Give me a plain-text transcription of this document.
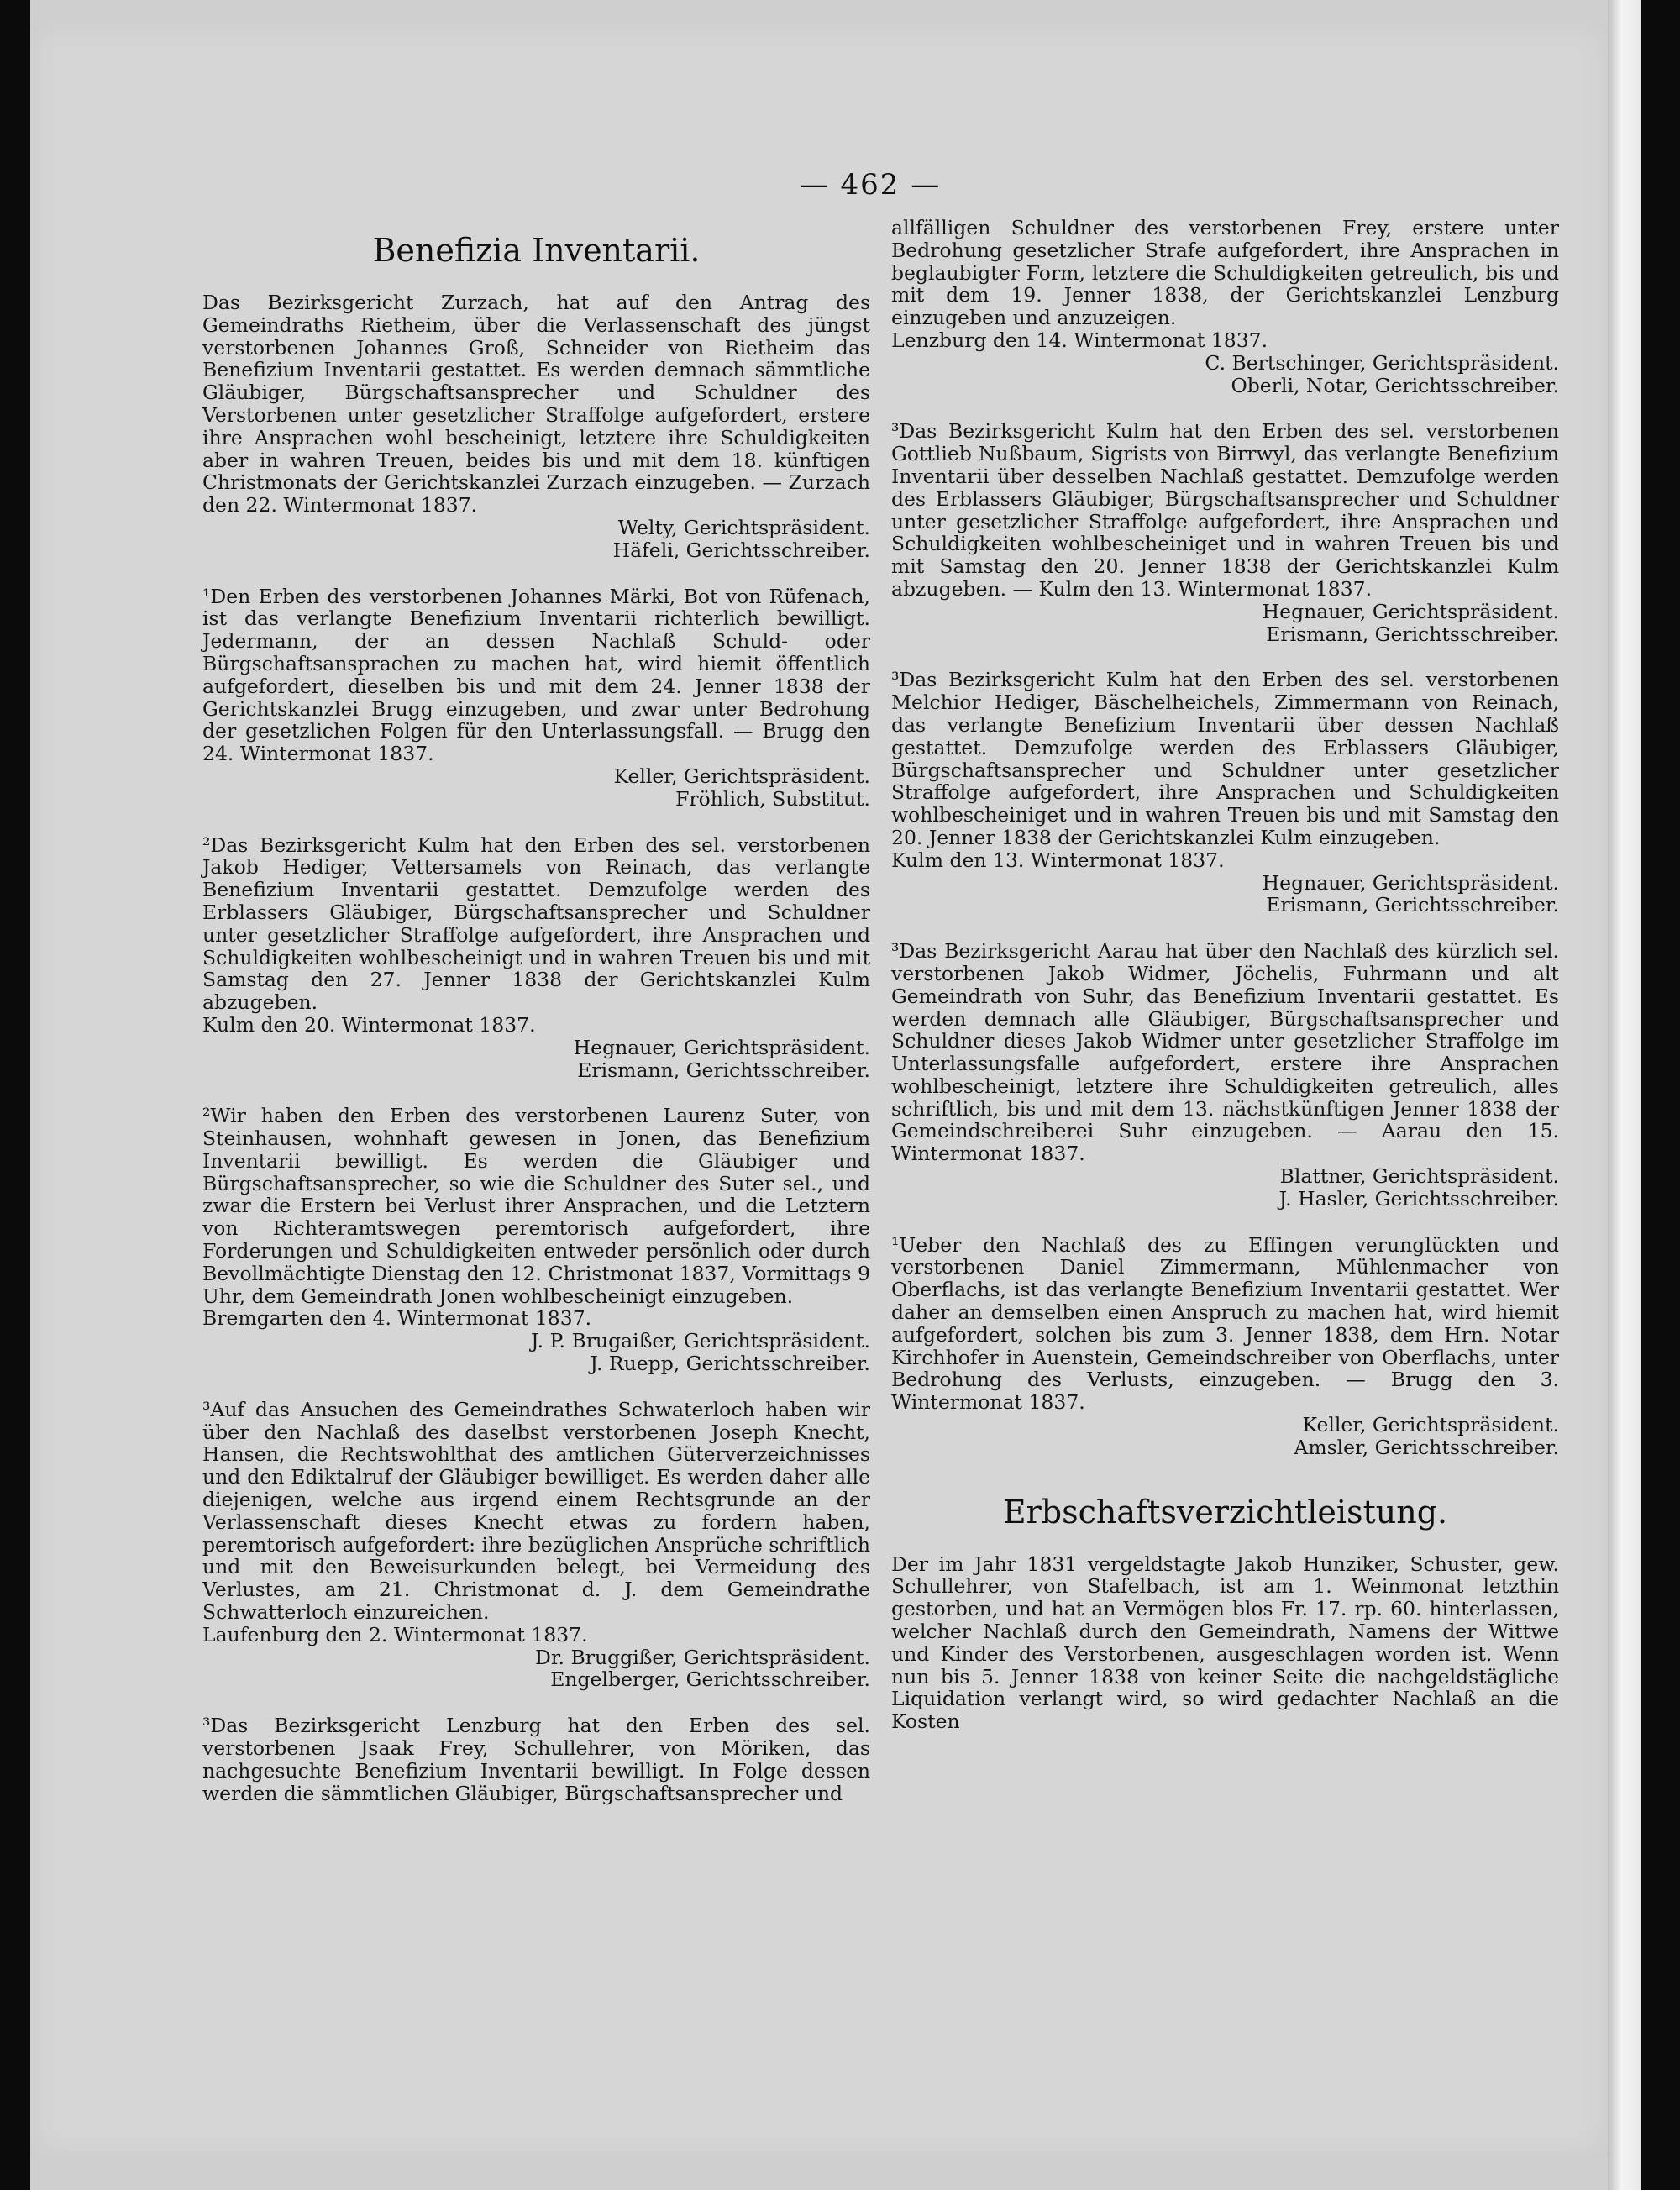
— 462 —
Benefizia Inventarii.

Das Bezirksgericht Zurzach, hat auf den Antrag des Gemeindraths Rietheim, über die Verlassenschaft des jüngst verstorbenen Johannes Groß, Schneider von Rietheim das Benefizium Inventarii gestattet. Es werden demnach sämmtliche Gläubiger, Bürgschaftsansprecher und Schuldner des Verstorbenen unter gesetzlicher Straffolge aufgefordert, erstere ihre Ansprachen wohl bescheinigt, letztere ihre Schuldigkeiten aber in wahren Treuen, beides bis und mit dem 18. künftigen Christmonats der Gerichtskanzlei Zurzach einzugeben. — Zurzach den 22. Wintermonat 1837.

Welty, Gerichtspräsident.

Häfeli, Gerichtsschreiber.

¹Den Erben des verstorbenen Johannes Märki, Bot von Rüfenach, ist das verlangte Benefizium Inventarii richterlich bewilligt. Jedermann, der an dessen Nachlaß Schuld- oder Bürgschaftsansprachen zu machen hat, wird hiemit öffentlich aufgefordert, dieselben bis und mit dem 24. Jenner 1838 der Gerichtskanzlei Brugg einzugeben, und zwar unter Bedrohung der gesetzlichen Folgen für den Unterlassungsfall. — Brugg den 24. Wintermonat 1837.

Keller, Gerichtspräsident.

Fröhlich, Substitut.

²Das Bezirksgericht Kulm hat den Erben des sel. verstorbenen Jakob Hediger, Vettersamels von Reinach, das verlangte Benefizium Inventarii gestattet. Demzufolge werden des Erblassers Gläubiger, Bürgschaftsansprecher und Schuldner unter gesetzlicher Straffolge aufgefordert, ihre Ansprachen und Schuldigkeiten wohlbescheinigt und in wahren Treuen bis und mit Samstag den 27. Jenner 1838 der Gerichtskanzlei Kulm abzugeben.

Kulm den 20. Wintermonat 1837.

Hegnauer, Gerichtspräsident.

Erismann, Gerichtsschreiber.

²Wir haben den Erben des verstorbenen Laurenz Suter, von Steinhausen, wohnhaft gewesen in Jonen, das Benefizium Inventarii bewilligt. Es werden die Gläubiger und Bürgschaftsansprecher, so wie die Schuldner des Suter sel., und zwar die Erstern bei Verlust ihrer Ansprachen, und die Letztern von Richteramtswegen peremtorisch aufgefordert, ihre Forderungen und Schuldigkeiten entweder persönlich oder durch Bevollmächtigte Dienstag den 12. Christmonat 1837, Vormittags 9 Uhr, dem Gemeindrath Jonen wohlbescheinigt einzugeben.

Bremgarten den 4. Wintermonat 1837.

J. P. Brugaißer, Gerichtspräsident.

J. Ruepp, Gerichtsschreiber.

³Auf das Ansuchen des Gemeindrathes Schwaterloch haben wir über den Nachlaß des daselbst verstorbenen Joseph Knecht, Hansen, die Rechtswohlthat des amtlichen Güterverzeichnisses und den Ediktalruf der Gläubiger bewilliget. Es werden daher alle diejenigen, welche aus irgend einem Rechtsgrunde an der Verlassenschaft dieses Knecht etwas zu fordern haben, peremtorisch aufgefordert: ihre bezüglichen Ansprüche schriftlich und mit den Beweisurkunden belegt, bei Vermeidung des Verlustes, am 21. Christmonat d. J. dem Gemeindrathe Schwatterloch einzureichen.

Laufenburg den 2. Wintermonat 1837.

Dr. Bruggißer, Gerichtspräsident.

Engelberger, Gerichtsschreiber.

³Das Bezirksgericht Lenzburg hat den Erben des sel. verstorbenen Jsaak Frey, Schullehrer, von Möriken, das nachgesuchte Benefizium Inventarii bewilligt. In Folge dessen werden die sämmtlichen Gläubiger, Bürgschaftsansprecher und

allfälligen Schuldner des verstorbenen Frey, erstere unter Bedrohung gesetzlicher Strafe aufgefordert, ihre Ansprachen in beglaubigter Form, letztere die Schuldigkeiten getreulich, bis und mit dem 19. Jenner 1838, der Gerichtskanzlei Lenzburg einzugeben und anzuzeigen.

Lenzburg den 14. Wintermonat 1837.

C. Bertschinger, Gerichtspräsident.

Oberli, Notar, Gerichtsschreiber.

³Das Bezirksgericht Kulm hat den Erben des sel. verstorbenen Gottlieb Nußbaum, Sigrists von Birrwyl, das verlangte Benefizium Inventarii über desselben Nachlaß gestattet. Demzufolge werden des Erblassers Gläubiger, Bürgschaftsansprecher und Schuldner unter gesetzlicher Straffolge aufgefordert, ihre Ansprachen und Schuldigkeiten wohlbescheiniget und in wahren Treuen bis und mit Samstag den 20. Jenner 1838 der Gerichtskanzlei Kulm abzugeben. — Kulm den 13. Wintermonat 1837.

Hegnauer, Gerichtspräsident.

Erismann, Gerichtsschreiber.

³Das Bezirksgericht Kulm hat den Erben des sel. verstorbenen Melchior Hediger, Bäschelheichels, Zimmermann von Reinach, das verlangte Benefizium Inventarii über dessen Nachlaß gestattet. Demzufolge werden des Erblassers Gläubiger, Bürgschaftsansprecher und Schuldner unter gesetzlicher Straffolge aufgefordert, ihre Ansprachen und Schuldigkeiten wohlbescheiniget und in wahren Treuen bis und mit Samstag den 20. Jenner 1838 der Gerichtskanzlei Kulm einzugeben.

Kulm den 13. Wintermonat 1837.

Hegnauer, Gerichtspräsident.

Erismann, Gerichtsschreiber.

³Das Bezirksgericht Aarau hat über den Nachlaß des kürzlich sel. verstorbenen Jakob Widmer, Jöchelis, Fuhrmann und alt Gemeindrath von Suhr, das Benefizium Inventarii gestattet. Es werden demnach alle Gläubiger, Bürgschaftsansprecher und Schuldner dieses Jakob Widmer unter gesetzlicher Straffolge im Unterlassungsfalle aufgefordert, erstere ihre Ansprachen wohlbescheinigt, letztere ihre Schuldigkeiten getreulich, alles schriftlich, bis und mit dem 13. nächstkünftigen Jenner 1838 der Gemeindschreiberei Suhr einzugeben. — Aarau den 15. Wintermonat 1837.

Blattner, Gerichtspräsident.

J. Hasler, Gerichtsschreiber.

¹Ueber den Nachlaß des zu Effingen verunglückten und verstorbenen Daniel Zimmermann, Mühlenmacher von Oberflachs, ist das verlangte Benefizium Inventarii gestattet. Wer daher an demselben einen Anspruch zu machen hat, wird hiemit aufgefordert, solchen bis zum 3. Jenner 1838, dem Hrn. Notar Kirchhofer in Auenstein, Gemeindschreiber von Oberflachs, unter Bedrohung des Verlusts, einzugeben. — Brugg den 3. Wintermonat 1837.

Keller, Gerichtspräsident.

Amsler, Gerichtsschreiber.

Erbschaftsverzichtleistung.

Der im Jahr 1831 vergeldstagte Jakob Hunziker, Schuster, gew. Schullehrer, von Stafelbach, ist am 1. Weinmonat letzthin gestorben, und hat an Vermögen blos Fr. 17. rp. 60. hinterlassen, welcher Nachlaß durch den Gemeindrath, Namens der Wittwe und Kinder des Verstorbenen, ausgeschlagen worden ist. Wenn nun bis 5. Jenner 1838 von keiner Seite die nachgeldstägliche Liquidation verlangt wird, so wird gedachter Nachlaß an die Kosten
